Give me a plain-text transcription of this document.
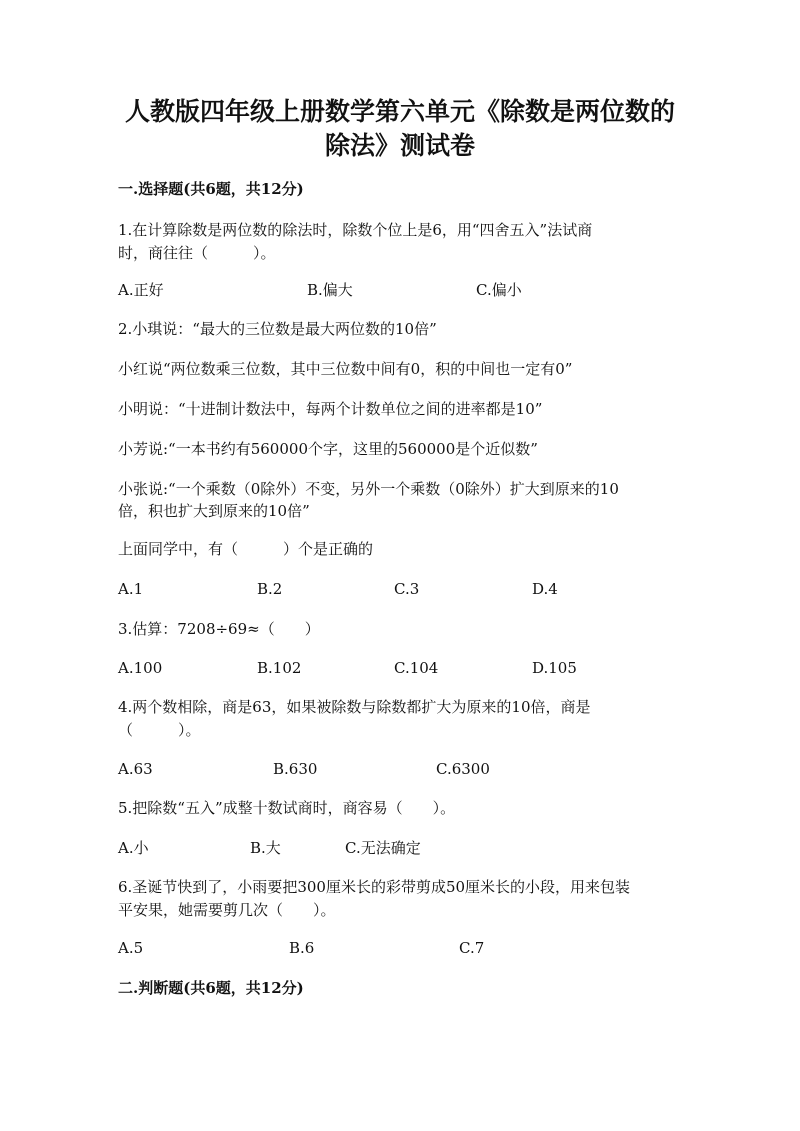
人教版四年级上册数学第六单元《除数是两位数的
除法》测试卷
一.选择题(共6题，共12分)
1.在计算除数是两位数的除法时，除数个位上是6，用“四舍五入”法试商
时，商往往（　　　）。
A.正好	B.偏大	C.偏小
2.小琪说：“最大的三位数是最大两位数的10倍”
小红说“两位数乘三位数，其中三位数中间有0，积的中间也一定有0”
小明说：“十进制计数法中，每两个计数单位之间的进率都是10”
小芳说:“一本书约有560000个字，这里的560000是个近似数”
小张说:“一个乘数（0除外）不变，另外一个乘数（0除外）扩大到原来的10
倍，积也扩大到原来的10倍”
上面同学中，有（　　　）个是正确的
A.1	B.2	C.3	D.4
3.估算：7208÷69≈（　　）
A.100	B.102	C.104	D.105
4.两个数相除，商是63，如果被除数与除数都扩大为原来的10倍，商是
（　　　）。
A.63	B.630	C.6300
5.把除数“五入”成整十数试商时，商容易（　　）。
A.小	B.大	C.无法确定
6.圣诞节快到了，小雨要把300厘米长的彩带剪成50厘米长的小段，用来包装
平安果，她需要剪几次（　　）。
A.5	B.6	C.7
二.判断题(共6题，共12分)
